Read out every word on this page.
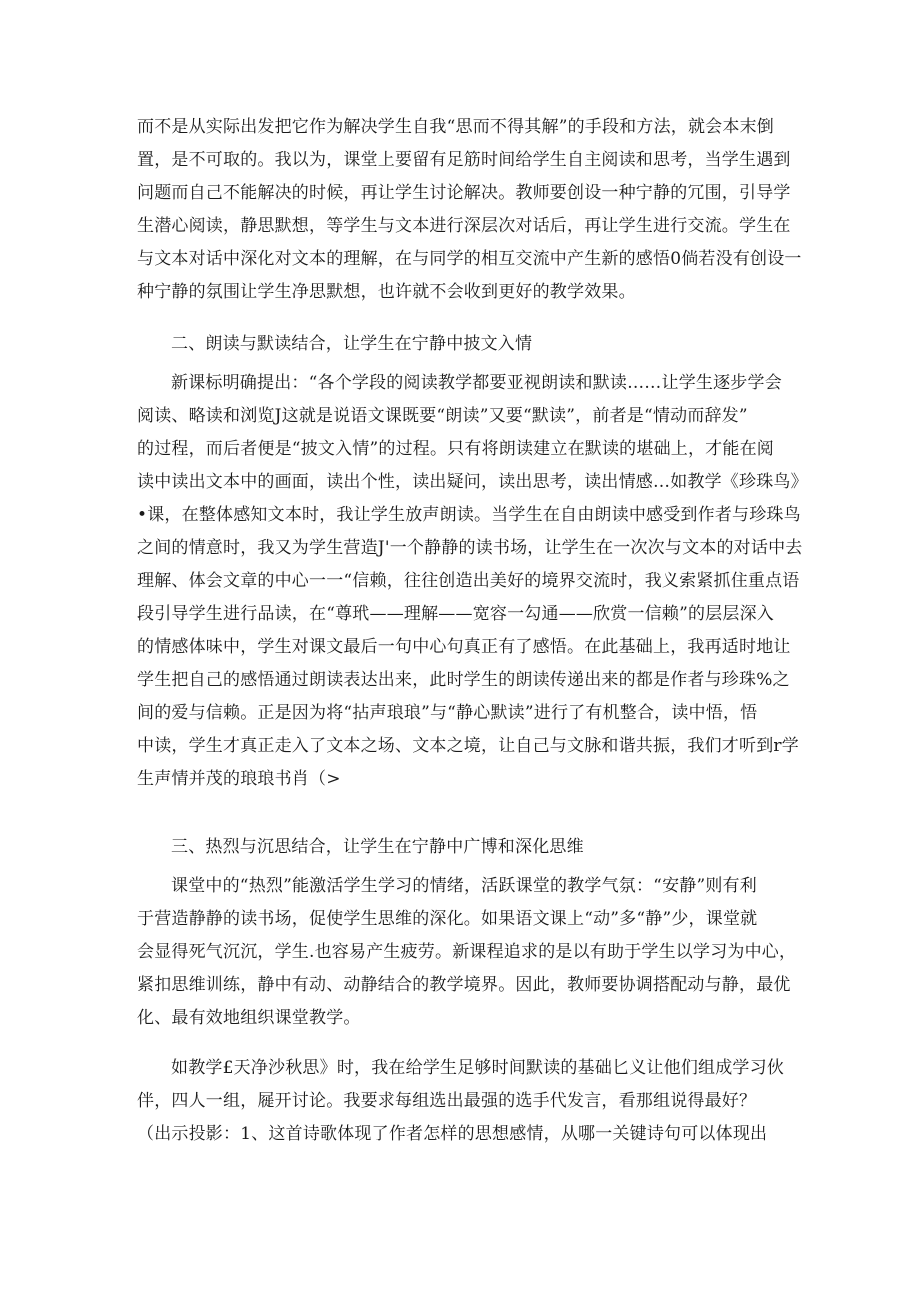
而不是从实际出发把它作为解决学生自我“思而不得其解”的手段和方法，就会本末倒
置，是不可取的。我以为，课堂上要留有足筋时间给学生自主阅读和思考，当学生遇到
问题而自己不能解决的时候，再让学生讨论解决。教师要创设一种宁静的冗围，引导学
生潜心阅读，静思默想，等学生与文本进行深层次对话后，再让学生进行交流。学生在
与文本对话中深化对文本的理解，在与同学的相互交流中产生新的感悟0倘若没有创设一
种宁静的氛围让学生净思默想，也许就不会收到更好的教学效果。
二、朗读与默读结合，让学生在宁静中披文入情
新课标明确提出：“各个学段的阅读教学都要亚视朗读和默读……让学生逐步学会
阅读、略读和浏览J这就是说语文课既要“朗读”又要“默读”，前者是“情动而辞发”
的过程，而后者便是“披文入情”的过程。只有将朗读建立在默读的堪础上，才能在阅
读中读出文本中的画面，读出个性，读出疑问，读出思考，读出情感…如教学《珍珠鸟》
•课，在整体感知文本时，我让学生放声朗读。当学生在自由朗读中感受到作者与珍珠鸟
之间的情意时，我又为学生营造J'一个静静的读书场，让学生在一次次与文本的对话中去
理解、体会文章的中心一一“信赖，往往创造出美好的境界交流时，我义索紧抓住重点语
段引导学生进行品读，在“尊玳——理解——宽容一勾通——欣赏一信赖”的层层深入
的情感体味中，学生对课文最后一句中心句真正有了感悟。在此基础上，我再适时地让
学生把自己的感悟通过朗读表达出来，此时学生的朗读传递出来的都是作者与珍珠%之
间的爱与信赖。正是因为将“拈声琅琅”与“静心默读”进行了有机整合，读中悟，悟
中读，学生才真正走入了文本之场、文本之境，让自己与文脉和谐共振，我们才听到r学
生声情并茂的琅琅书肖（>
三、热烈与沉思结合，让学生在宁静中广博和深化思维
课堂中的“热烈”能激活学生学习的情绪，活跃课堂的教学气氛：“安静”则有利
于营造静静的读书场，促使学生思维的深化。如果语文课上“动”多“静”少，课堂就
会显得死气沉沉，学生.也容易产生疲劳。新课程追求的是以有助于学生以学习为中心，
紧扣思维训练，静中有动、动静结合的教学境界。因此，教师要协调搭配动与静，最优
化、最有效地组织课堂教学。
如教学£天净沙秋思》时，我在给学生足够时间默读的基础匕义让他们组成学习伙
伴，四人一组，屣开讨论。我要求每组选出最强的选手代发言，看那组说得最好？
（出示投影：1、这首诗歌体现了作者怎样的思想感情，从哪一关键诗句可以体现出
